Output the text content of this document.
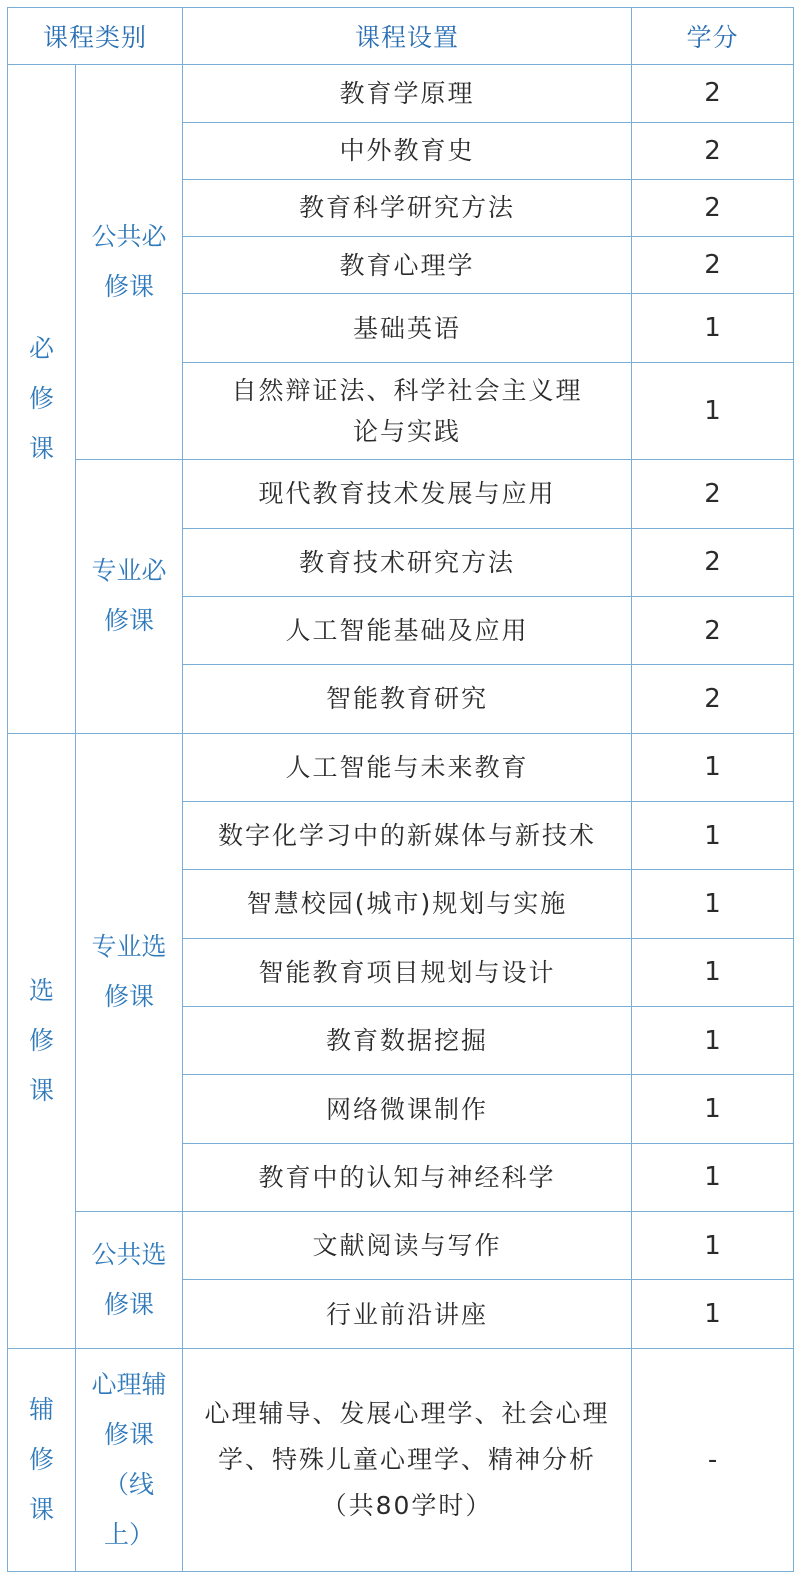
课程类别		课程设置	学分

必修课	公共必修课	教育学原理	2
		中外教育史	2
		教育科学研究方法	2
		教育心理学	2
		基础英语	1

		自然辩证法、科学社会主义理论与实践	1

	专业必修课	现代教育技术发展与应用	2
		教育技术研究方法	2
		人工智能基础及应用	2
		智能教育研究	2

选修课	专业选修课	人工智能与未来教育	1
		数字化学习中的新媒体与新技术	1
		智慧校园(城市)规划与实施	1
		智能教育项目规划与设计	1
		教育数据挖掘	1
		网络微课制作	1
		教育中的认知与神经科学	1

	公共选修课	文献阅读与写作	1
		行业前沿讲座	1

辅修课	心理辅修课（线上）	心理辅导、发展心理学、社会心理学、特殊儿童心理学、精神分析（共80学时）	-
